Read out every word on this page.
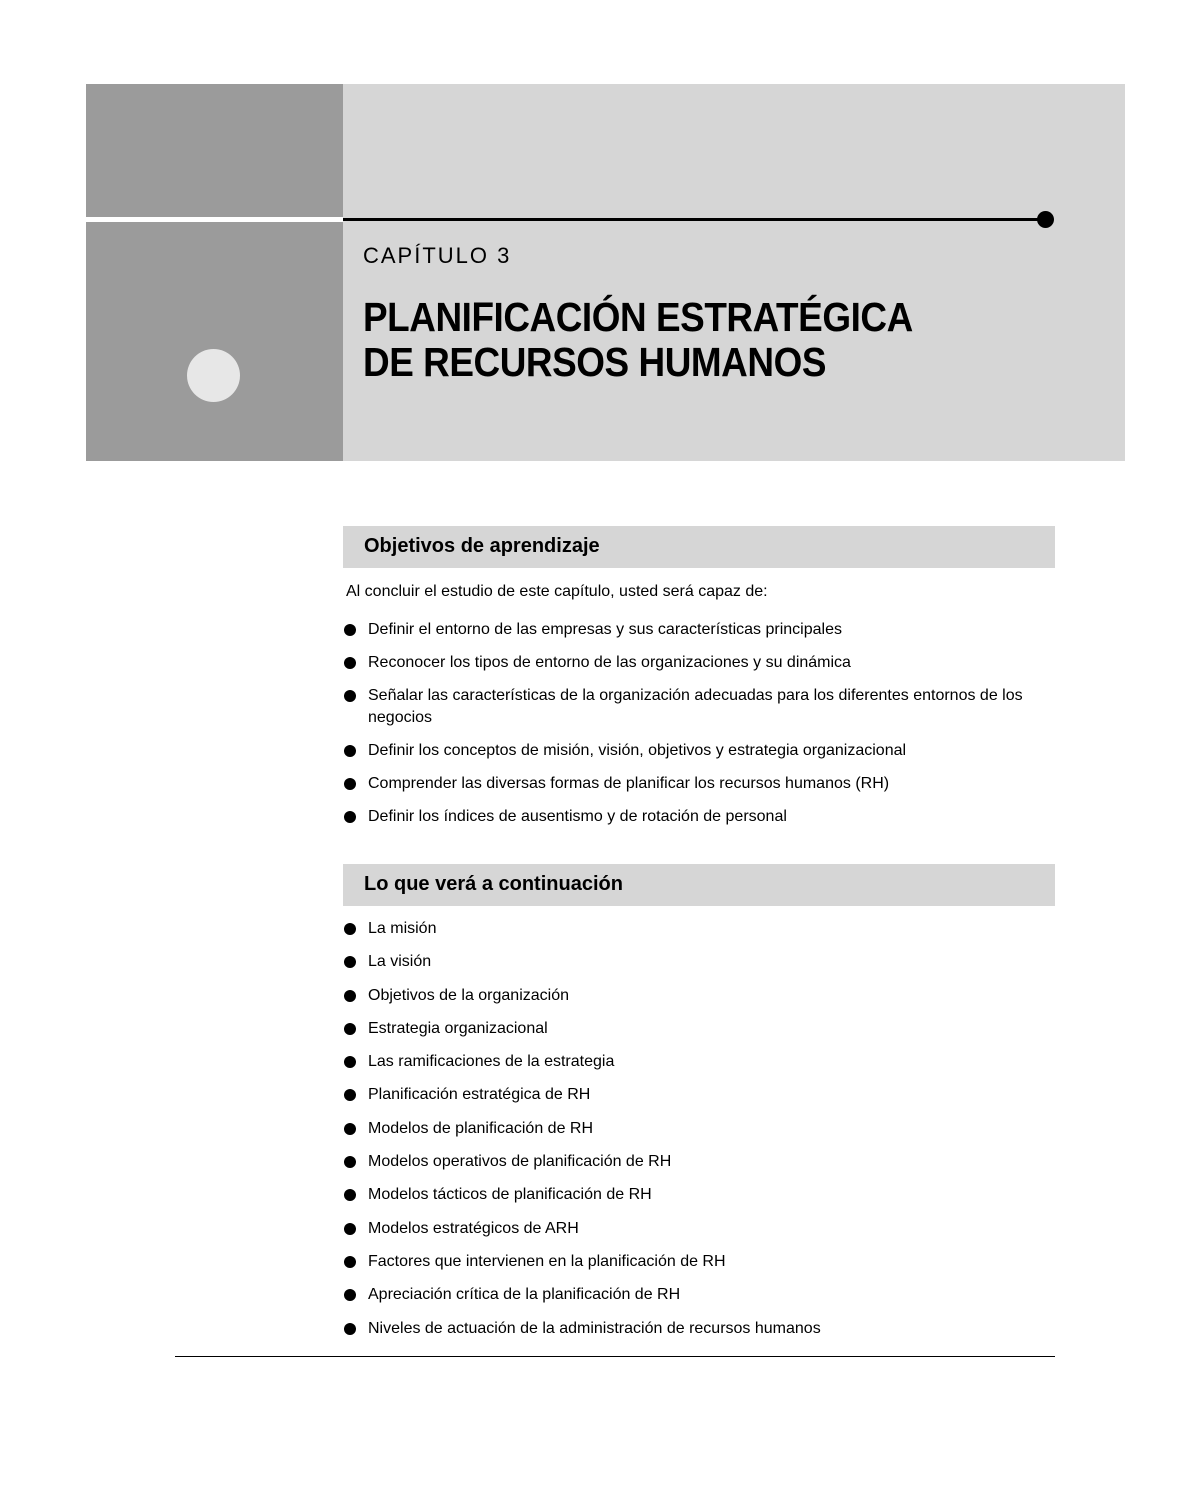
CAPÍTULO 3
PLANIFICACIÓN ESTRATÉGICA
DE RECURSOS HUMANOS
Objetivos de aprendizaje
Al concluir el estudio de este capítulo, usted será capaz de:
Definir el entorno de las empresas y sus características principales
Reconocer los tipos de entorno de las organizaciones y su dinámica
Señalar las características de la organización adecuadas para los diferentes entornos de los negocios
Definir los conceptos de misión, visión, objetivos y estrategia organizacional
Comprender las diversas formas de planificar los recursos humanos (RH)
Definir los índices de ausentismo y de rotación de personal
Lo que verá a continuación
La misión
La visión
Objetivos de la organización
Estrategia organizacional
Las ramificaciones de la estrategia
Planificación estratégica de RH
Modelos de planificación de RH
Modelos operativos de planificación de RH
Modelos tácticos de planificación de RH
Modelos estratégicos de ARH
Factores que intervienen en la planificación de RH
Apreciación crítica de la planificación de RH
Niveles de actuación de la administración de recursos humanos
